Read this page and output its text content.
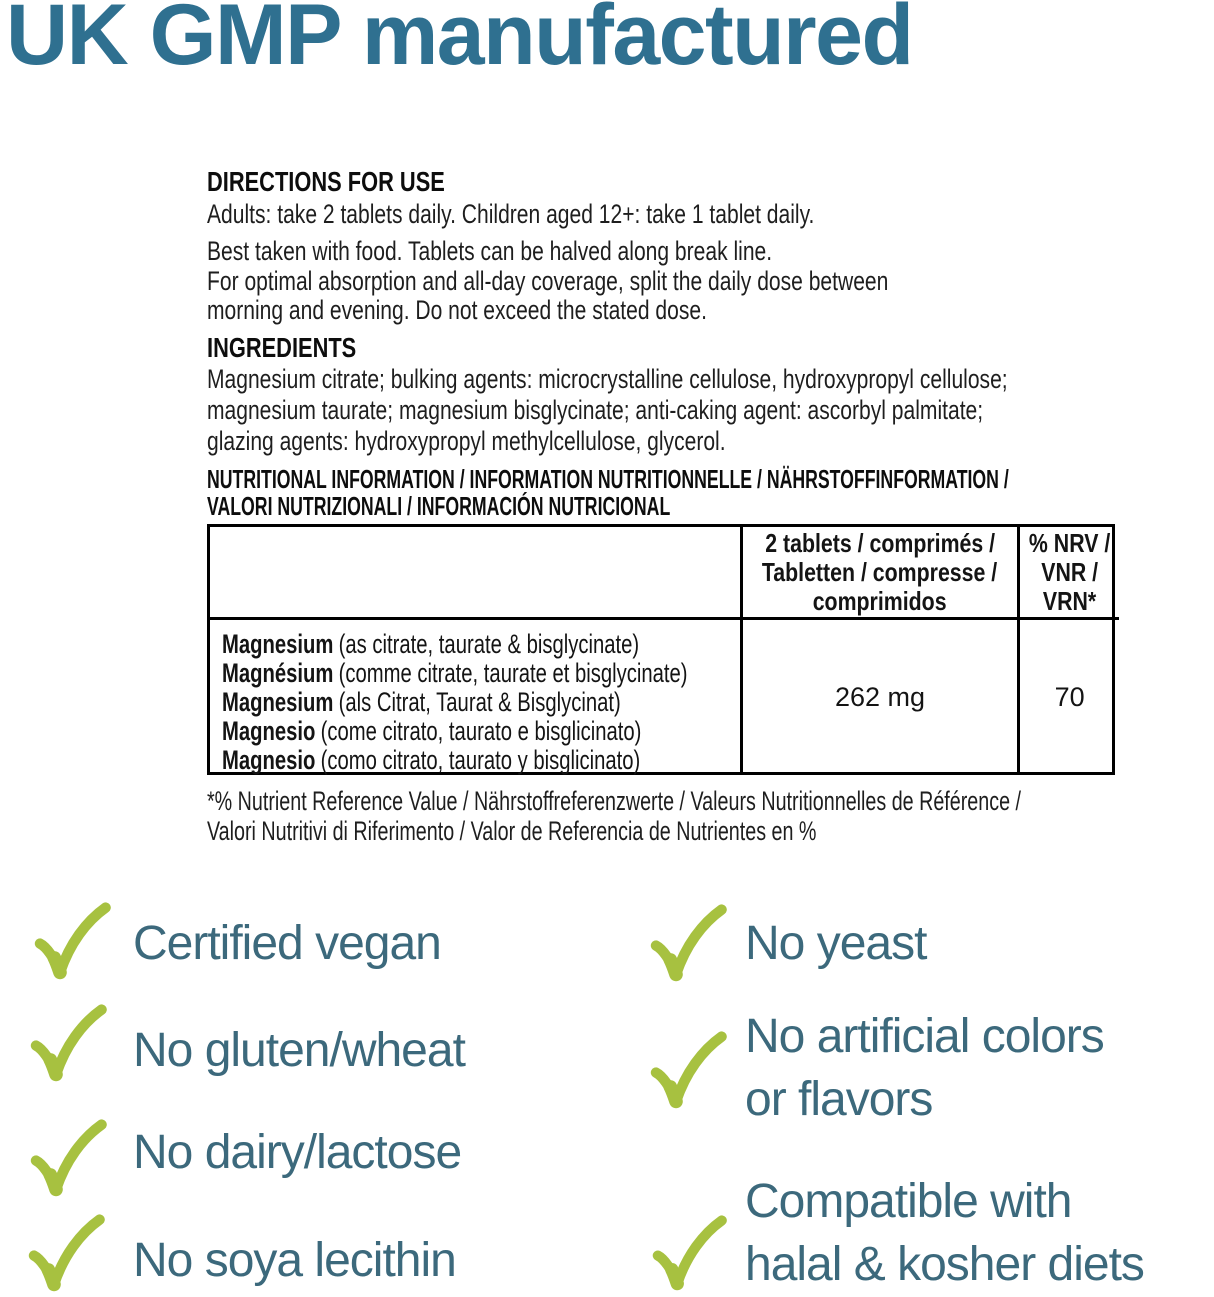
UK GMP manufactured
DIRECTIONS FOR USE
Adults: take 2 tablets daily. Children aged 12+: take 1 tablet daily.
Best taken with food. Tablets can be halved along break line.
For optimal absorption and all-day coverage, split the daily dose between
morning and evening. Do not exceed the stated dose.
INGREDIENTS
Magnesium citrate; bulking agents: microcrystalline cellulose, hydroxypropyl cellulose;
magnesium taurate; magnesium bisglycinate; anti-caking agent: ascorbyl palmitate;
glazing agents: hydroxypropyl methylcellulose, glycerol.
NUTRITIONAL INFORMATION / INFORMATION NUTRITIONNELLE / NÄHRSTOFFINFORMATION /
VALORI NUTRIZIONALI / INFORMACIÓN NUTRICIONAL
2 tablets / comprimés /
Tabletten / compresse /
comprimidos
% NRV /
VNR /
VRN*
Magnesium (as citrate, taurate & bisglycinate)
Magnésium (comme citrate, taurate et bisglycinate)
Magnesium (als Citrat, Taurat & Bisglycinat)
Magnesio (come citrato, taurato e bisglicinato)
Magnesio (como citrato, taurato y bisglicinato)
262 mg	70
*% Nutrient Reference Value / Nährstoffreferenzwerte / Valeurs Nutritionnelles de Référence /
Valori Nutritivi di Riferimento / Valor de Referencia de Nutrientes en %
Certified vegan
No gluten/wheat
No dairy/lactose
No soya lecithin
No yeast
No artificial colors
or flavors
Compatible with
halal & kosher diets
